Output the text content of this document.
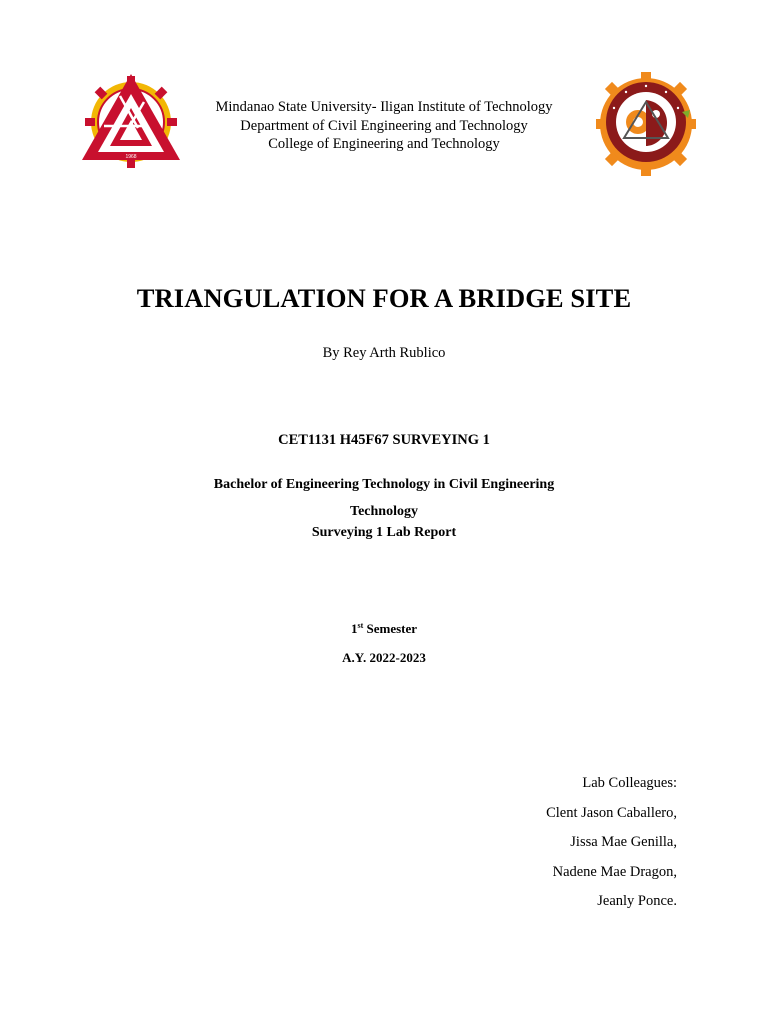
1968
Mindanao State University- Iligan Institute of Technology
Department of Civil Engineering and Technology
College of Engineering and Technology
TRIANGULATION FOR A BRIDGE SITE
By Rey Arth Rublico
CET1131 H45F67 SURVEYING 1
Bachelor of Engineering Technology in Civil Engineering
Technology
Surveying 1 Lab Report
1st Semester
A.Y. 2022-2023
Lab Colleagues:
Clent Jason Caballero,
Jissa Mae Genilla,
Nadene Mae Dragon,
Jeanly Ponce.
